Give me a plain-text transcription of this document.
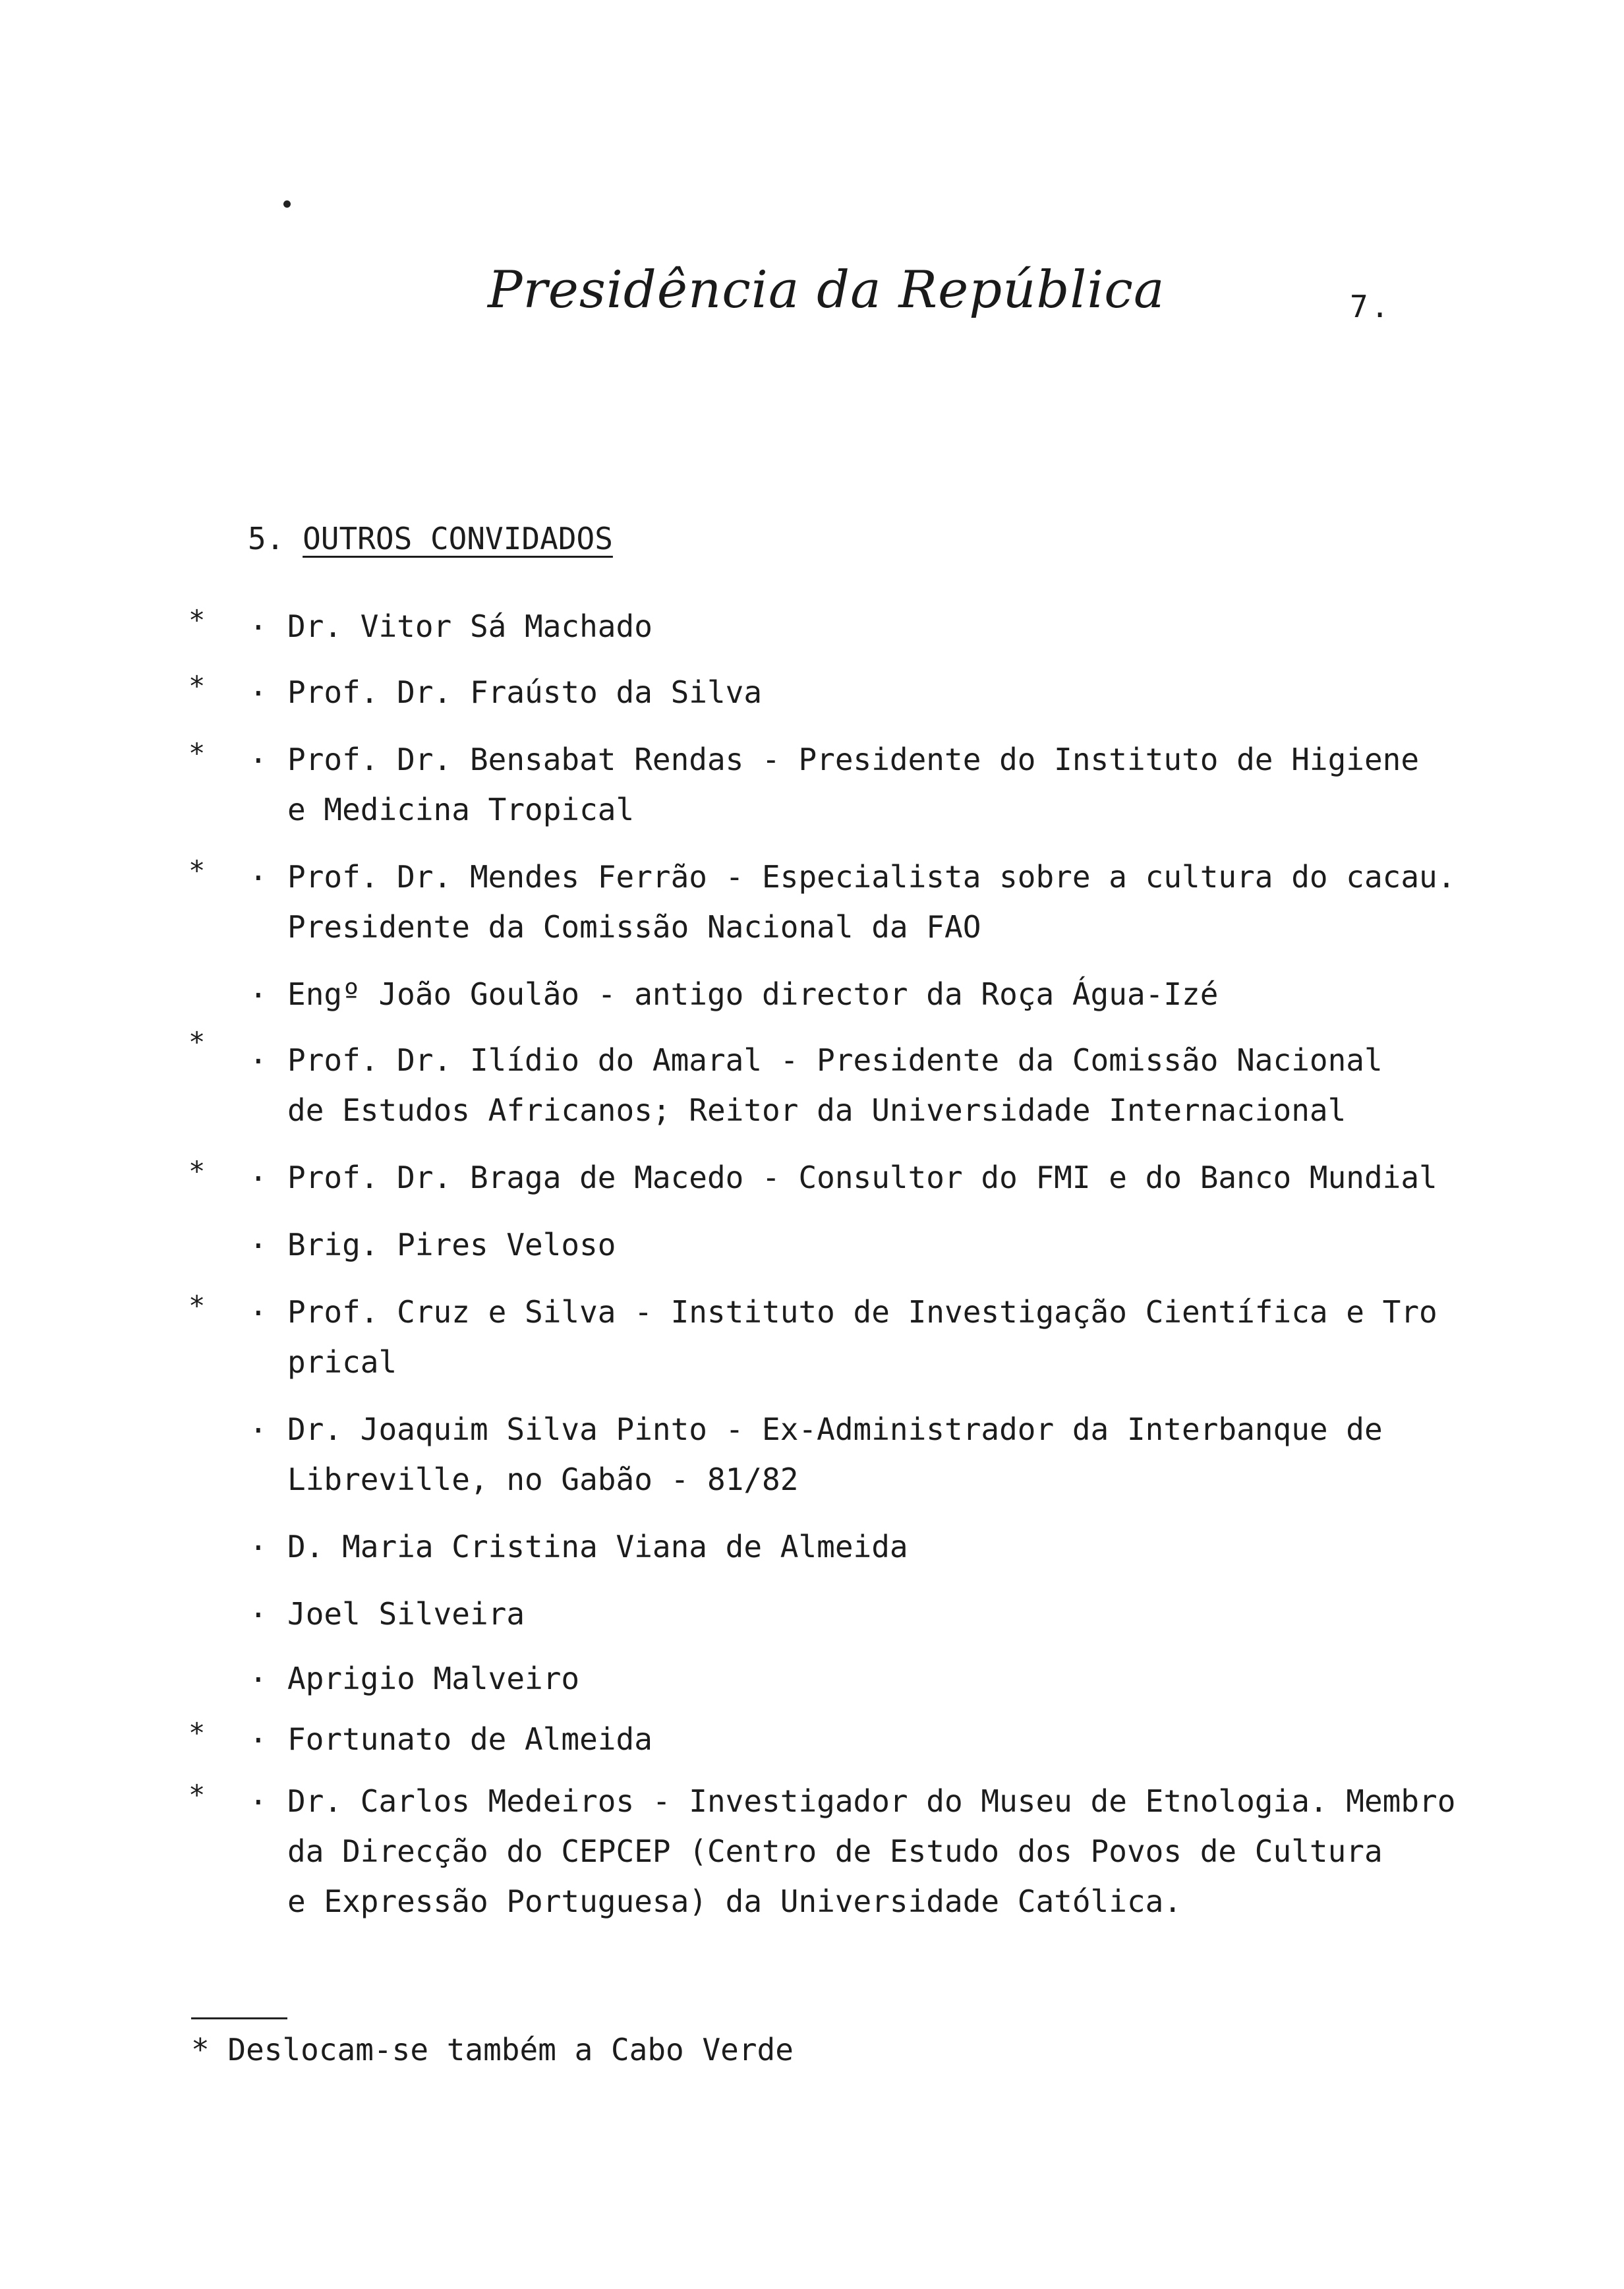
Presidência da República	7.
5. OUTROS CONVIDADOS
* . Dr. Vitor Sá Machado
* . Prof. Dr. Fraústo da Silva
* . Prof. Dr. Bensabat Rendas - Presidente do Instituto de Higiene
e Medicina Tropical
* . Prof. Dr. Mendes Ferrão - Especialista sobre a cultura do cacau.
Presidente da Comissão Nacional da FAO
. Engº João Goulão - antigo director da Roça Água-Izé
* . Prof. Dr. Ilídio do Amaral - Presidente da Comissão Nacional
de Estudos Africanos; Reitor da Universidade Internacional
* . Prof. Dr. Braga de Macedo - Consultor do FMI e do Banco Mundial
. Brig. Pires Veloso
* . Prof. Cruz e Silva - Instituto de Investigação Científica e Tro
prical
. Dr. Joaquim Silva Pinto - Ex-Administrador da Interbanque de
Libreville, no Gabão - 81/82
. D. Maria Cristina Viana de Almeida
. Joel Silveira
. Aprigio Malveiro
* . Fortunato de Almeida
* . Dr. Carlos Medeiros - Investigador do Museu de Etnologia. Membro
da Direcção do CEPCEP (Centro de Estudo dos Povos de Cultura
e Expressão Portuguesa) da Universidade Católica.
* Deslocam-se também a Cabo Verde
